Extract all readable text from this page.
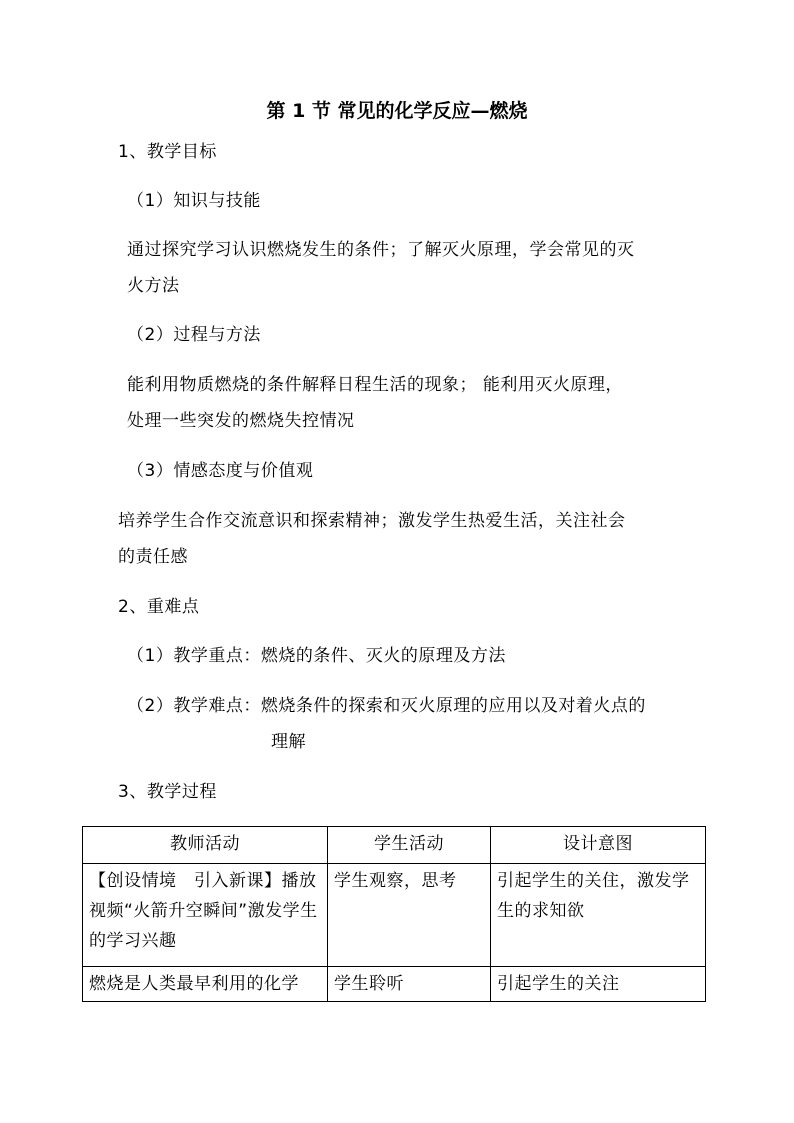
第 1 节 常见的化学反应—燃烧
1、教学目标
（1）知识与技能
通过探究学习认识燃烧发生的条件；了解灭火原理，学会常见的灭
火方法
（2）过程与方法
能利用物质燃烧的条件解释日程生活的现象； 能利用灭火原理，
处理一些突发的燃烧失控情况
（3）情感态度与价值观
培养学生合作交流意识和探索精神；激发学生热爱生活，关注社会
的责任感
2、重难点
（1）教学重点：燃烧的条件、灭火的原理及方法
（2）教学难点：燃烧条件的探索和灭火原理的应用以及对着火点的
理解
3、教学过程
教师活动	学生活动	设计意图
【创设情境　引入新课】播放视频“火箭升空瞬间”激发学生的学习兴趣	学生观察，思考	引起学生的关住，激发学生的求知欲
燃烧是人类最早利用的化学	学生聆听	引起学生的关注
